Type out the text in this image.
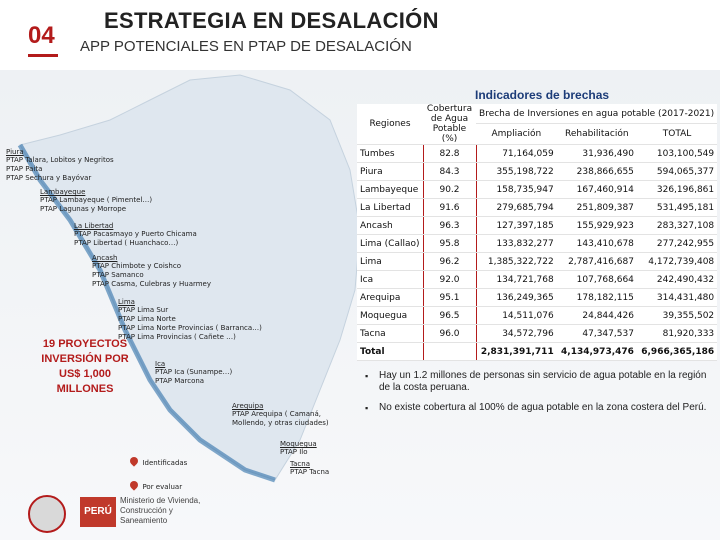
04
ESTRATEGIA EN DESALACIÓN
APP POTENCIALES EN PTAP DE DESALACIÓN
Piura
PTAP Talara, Lobitos y Negritos
PTAP Paita
PTAP Sechura y Bayóvar
Lambayeque
PTAP Lambayeque ( Pimentel…)
PTAP Lagunas y Morrope
La Libertad
PTAP Pacasmayo y Puerto Chicama
PTAP Libertad ( Huanchaco…)
Ancash
PTAP Chimbote y Coishco
PTAP Samanco
PTAP Casma, Culebras y Huarmey
Lima
PTAP Lima Sur
PTAP Lima Norte
PTAP Lima Norte Provincias ( Barranca…)
PTAP Lima Provincias ( Cañete …)
Ica
PTAP Ica (Sunampe…)
PTAP Marcona
Arequipa
PTAP Arequipa ( Camaná,
Mollendo, y otras ciudades)
Moquegua
PTAP Ilo
Tacna
PTAP Tacna
Identificadas
Por evaluar
19 PROYECTOS
INVERSIÓN POR
US$ 1,000 MILLONES
Indicadores de brechas
Regiones	Cobertura de Agua Potable (%)	Brecha de Inversiones en agua potable (2017-2021)		
		Ampliación	Rehabilitación	TOTAL
Tumbes	82.8	71,164,059	31,936,490	103,100,549
Piura	84.3	355,198,722	238,866,655	594,065,377
Lambayeque	90.2	158,735,947	167,460,914	326,196,861
La Libertad	91.6	279,685,794	251,809,387	531,495,181
Ancash	96.3	127,397,185	155,929,923	283,327,108
Lima (Callao)	95.8	133,832,277	143,410,678	277,242,955
Lima	96.2	1,385,322,722	2,787,416,687	4,172,739,408
Ica	92.0	134,721,768	107,768,664	242,490,432
Arequipa	95.1	136,249,365	178,182,115	314,431,480
Moquegua	96.5	14,511,076	24,844,426	39,355,502
Tacna	96.0	34,572,796	47,347,537	81,920,333
Total		2,831,391,711	4,134,973,476	6,966,365,186
▪ Hay un 1.2 millones de personas sin servicio de agua potable en la región de la costa peruana.
▪ No existe cobertura al 100% de agua potable en la zona costera del Perú.
PERÚ
Ministerio de Vivienda, Construcción y Saneamiento
